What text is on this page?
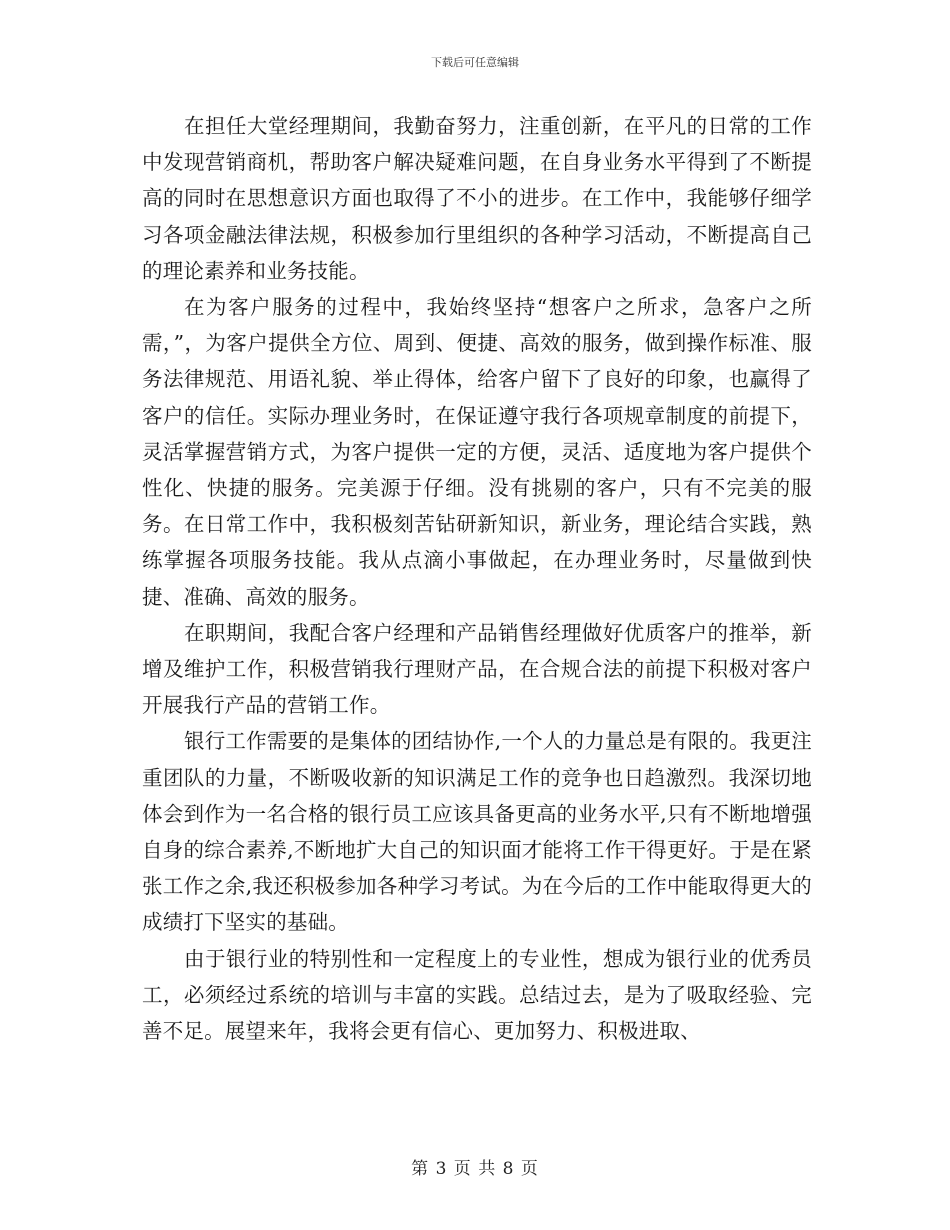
下载后可任意编辑

在担任大堂经理期间，我勤奋努力，注重创新，在平凡的日常的工作中发现营销商机，帮助客户解决疑难问题，在自身业务水平得到了不断提高的同时在思想意识方面也取得了不小的进步。在工作中，我能够仔细学习各项金融法律法规，积极参加行里组织的各种学习活动，不断提高自己的理论素养和业务技能。

在为客户服务的过程中，我始终坚持“想客户之所求，急客户之所需，”，为客户提供全方位、周到、便捷、高效的服务，做到操作标准、服务法律规范、用语礼貌、举止得体，给客户留下了良好的印象，也赢得了客户的信任。实际办理业务时，在保证遵守我行各项规章制度的前提下，灵活掌握营销方式，为客户提供一定的方便，灵活、适度地为客户提供个性化、快捷的服务。完美源于仔细。没有挑剔的客户，只有不完美的服务。在日常工作中，我积极刻苦钻研新知识，新业务，理论结合实践，熟练掌握各项服务技能。我从点滴小事做起，在办理业务时，尽量做到快捷、准确、高效的服务。

在职期间，我配合客户经理和产品销售经理做好优质客户的推举，新增及维护工作，积极营销我行理财产品，在合规合法的前提下积极对客户开展我行产品的营销工作。

银行工作需要的是集体的团结协作,一个人的力量总是有限的。我更注重团队的力量，不断吸收新的知识满足工作的竞争也日趋激烈。我深切地体会到作为一名合格的银行员工应该具备更高的业务水平,只有不断地增强自身的综合素养,不断地扩大自己的知识面才能将工作干得更好。于是在紧张工作之余,我还积极参加各种学习考试。为在今后的工作中能取得更大的成绩打下坚实的基础。

由于银行业的特别性和一定程度上的专业性，想成为银行业的优秀员工，必须经过系统的培训与丰富的实践。总结过去，是为了吸取经验、完善不足。展望来年，我将会更有信心、更加努力、积极进取、

第 3 页 共 8 页
